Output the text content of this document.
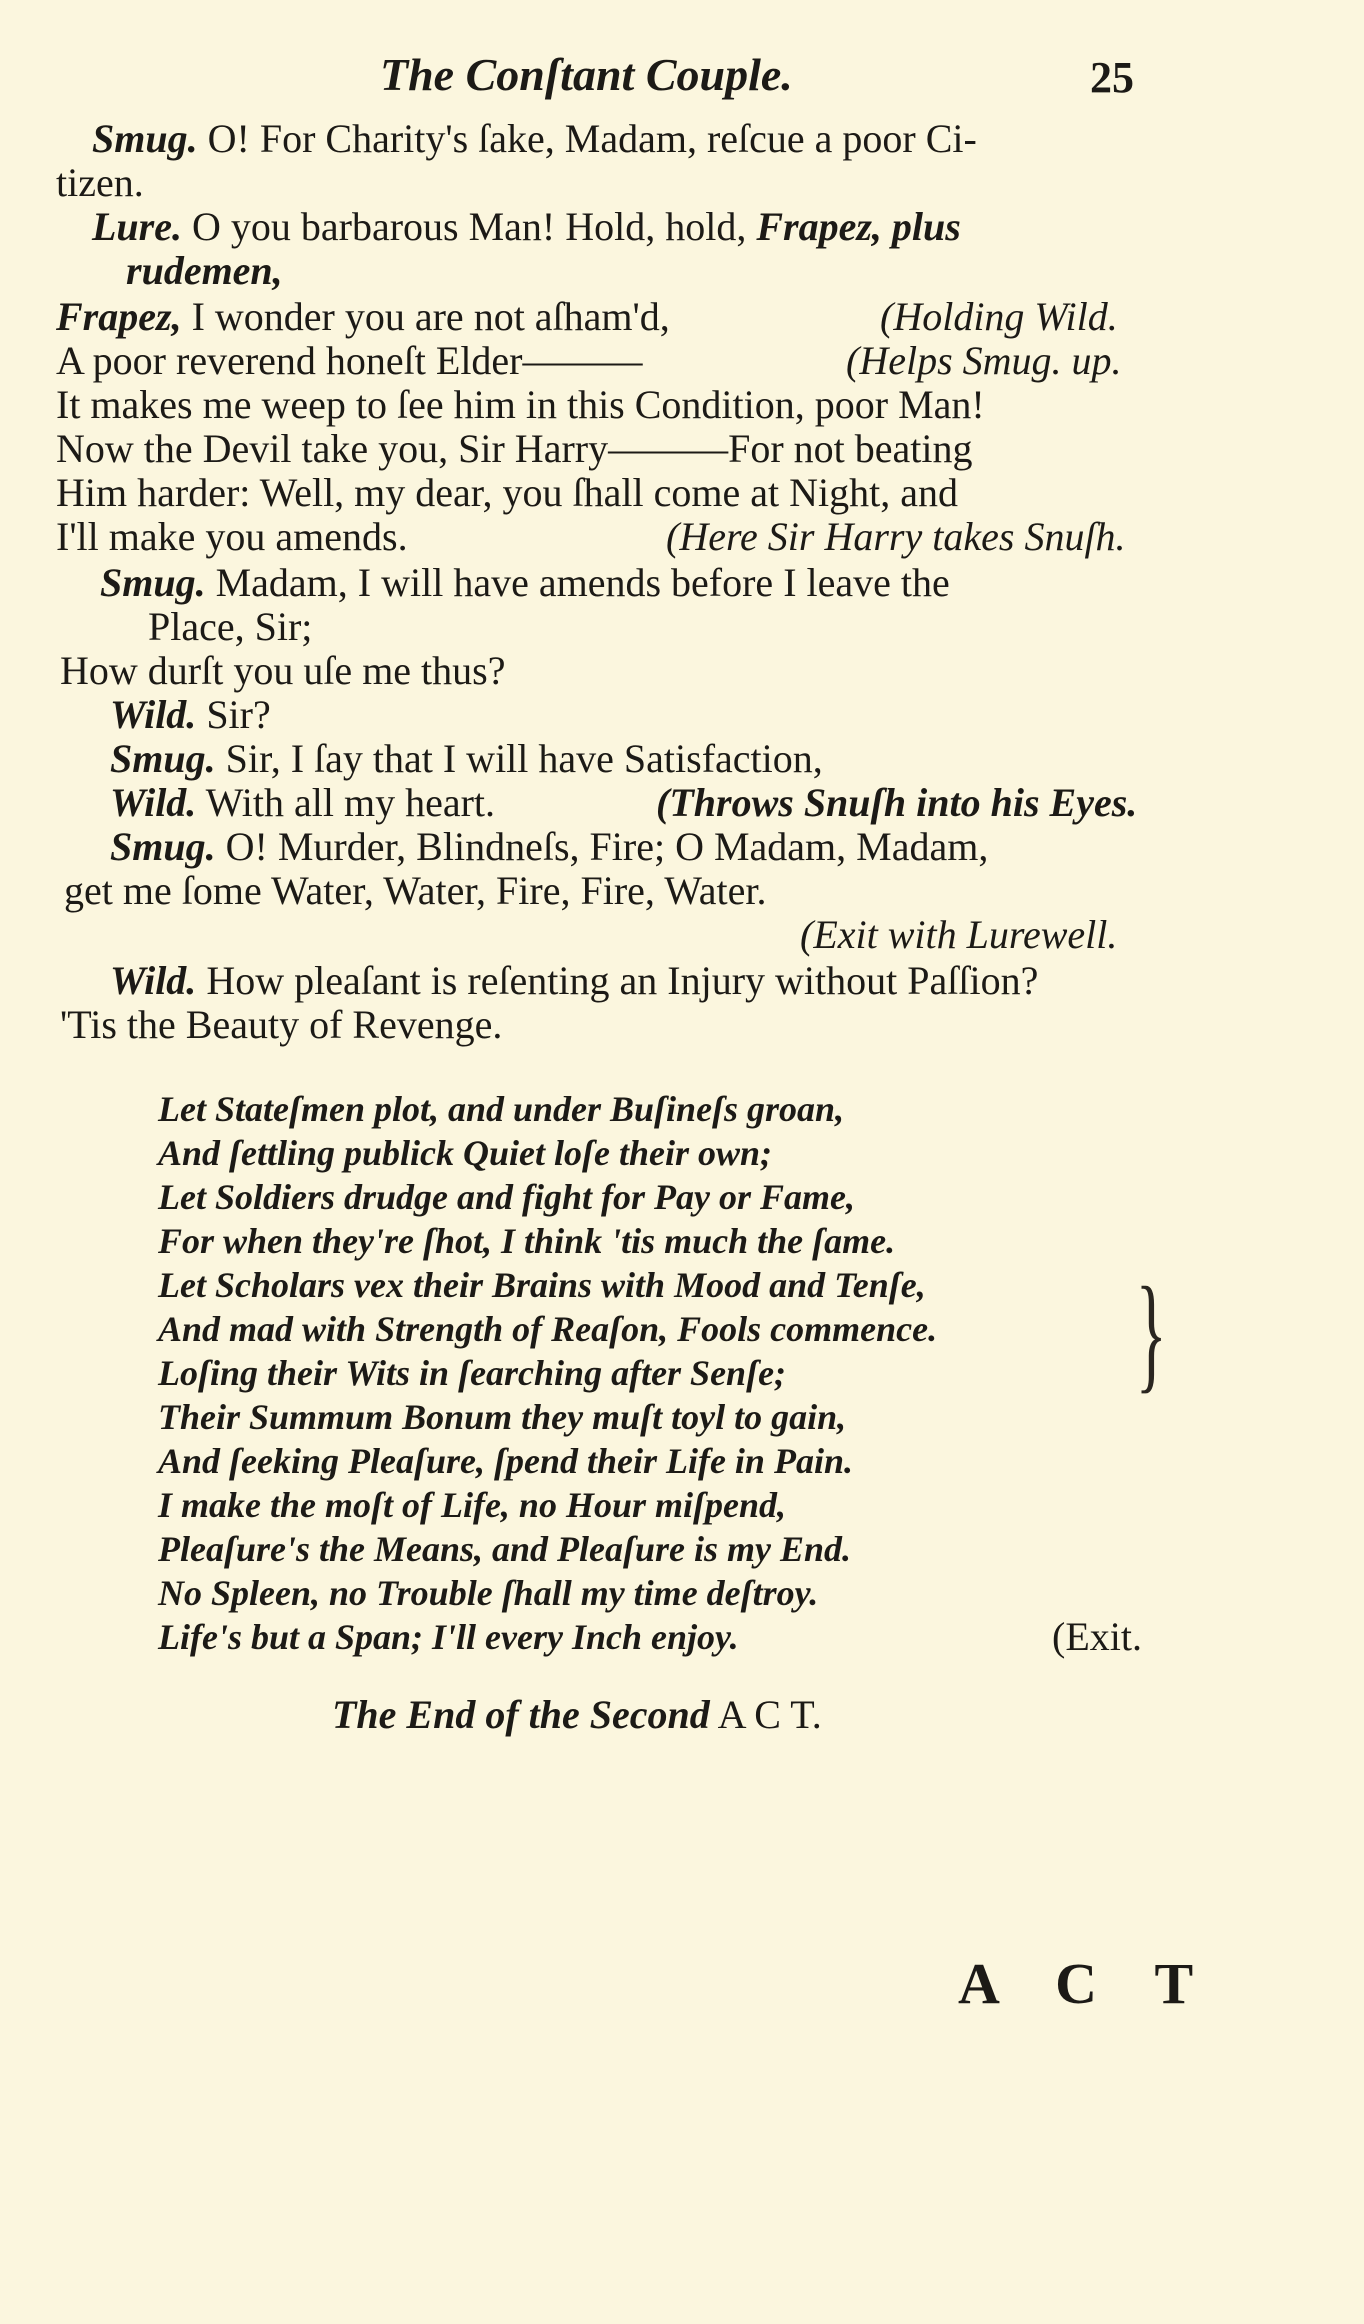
The Conſtant Couple.	25
Smug. O! For Charity's ſake, Madam, reſcue a poor Ci-
tizen.
Lure. O you barbarous Man! Hold, hold, Frapez, plus
rudemen,
Frapez, I wonder you are not aſham'd,	(Holding Wild.
A poor reverend honeſt Elder———	(Helps Smug. up.
It makes me weep to ſee him in this Condition, poor Man!
Now the Devil take you, Sir Harry———For not beating
Him harder: Well, my dear, you ſhall come at Night, and
I'll make you amends.	(Here Sir Harry takes Snuſh.
Smug. Madam, I will have amends before I leave the
Place, Sir;
How durſt you uſe me thus?
Wild. Sir?
Smug. Sir, I ſay that I will have Satisfaction,
Wild. With all my heart.	(Throws Snuſh into his Eyes.
Smug. O! Murder, Blindneſs, Fire; O Madam, Madam,
get me ſome Water, Water, Fire, Fire, Water.
(Exit with Lurewell.
Wild. How pleaſant is reſenting an Injury without Paſſion?
'Tis the Beauty of Revenge.
Let Stateſmen plot, and under Buſineſs groan,
And ſettling publick Quiet loſe their own;
Let Soldiers drudge and fight for Pay or Fame,
For when they're ſhot, I think 'tis much the ſame.
Let Scholars vex their Brains with Mood and Tenſe,
And mad with Strength of Reaſon, Fools commence.
Loſing their Wits in ſearching after Senſe;
Their Summum Bonum they muſt toyl to gain,
And ſeeking Pleaſure, ſpend their Life in Pain.
I make the moſt of Life, no Hour miſpend,
Pleaſure's the Means, and Pleaſure is my End.
No Spleen, no Trouble ſhall my time deſtroy.
Life's but a Span; I'll every Inch enjoy.
}
(Exit.
The End of the Second A C T.
A C T
